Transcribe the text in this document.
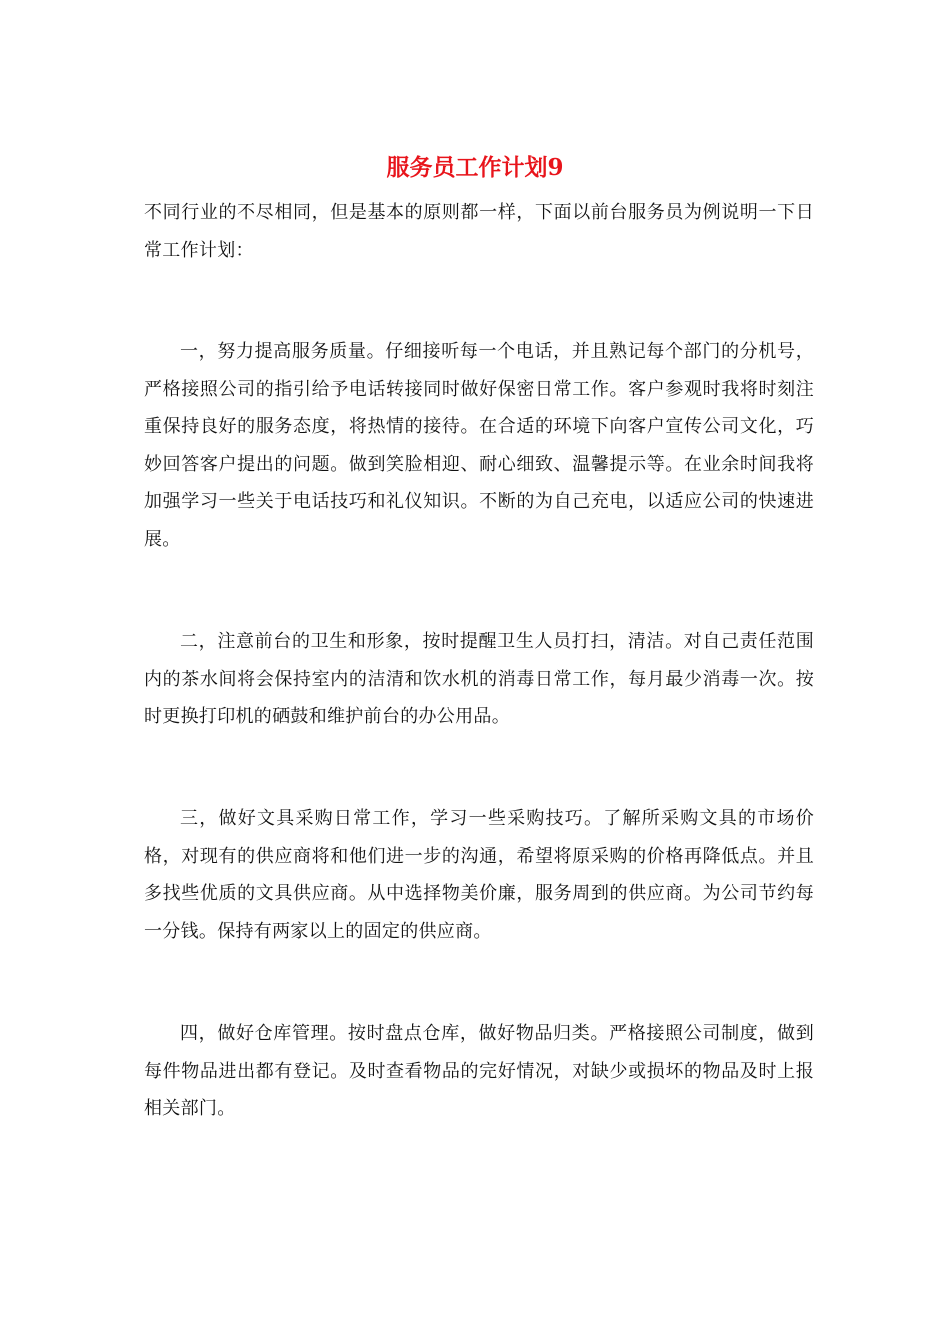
服务员工作计划9

不同行业的不尽相同，但是基本的原则都一样，下面以前台服务员为例说明一下日常工作计划：

一，努力提高服务质量。仔细接听每一个电话，并且熟记每个部门的分机号，严格接照公司的指引给予电话转接同时做好保密日常工作。客户参观时我将时刻注重保持良好的服务态度，将热情的接待。在合适的环境下向客户宣传公司文化，巧妙回答客户提出的问题。做到笑脸相迎、耐心细致、温馨提示等。在业余时间我将加强学习一些关于电话技巧和礼仪知识。不断的为自己充电，以适应公司的快速进展。

二，注意前台的卫生和形象，按时提醒卫生人员打扫，清洁。对自己责任范围内的茶水间将会保持室内的洁清和饮水机的消毒日常工作，每月最少消毒一次。按时更换打印机的硒鼓和维护前台的办公用品。

三，做好文具采购日常工作，学习一些采购技巧。了解所采购文具的市场价格，对现有的供应商将和他们进一步的沟通，希望将原采购的价格再降低点。并且多找些优质的文具供应商。从中选择物美价廉，服务周到的供应商。为公司节约每一分钱。保持有两家以上的固定的供应商。

四，做好仓库管理。按时盘点仓库，做好物品归类。严格接照公司制度，做到每件物品进出都有登记。及时查看物品的完好情况，对缺少或损坏的物品及时上报相关部门。
